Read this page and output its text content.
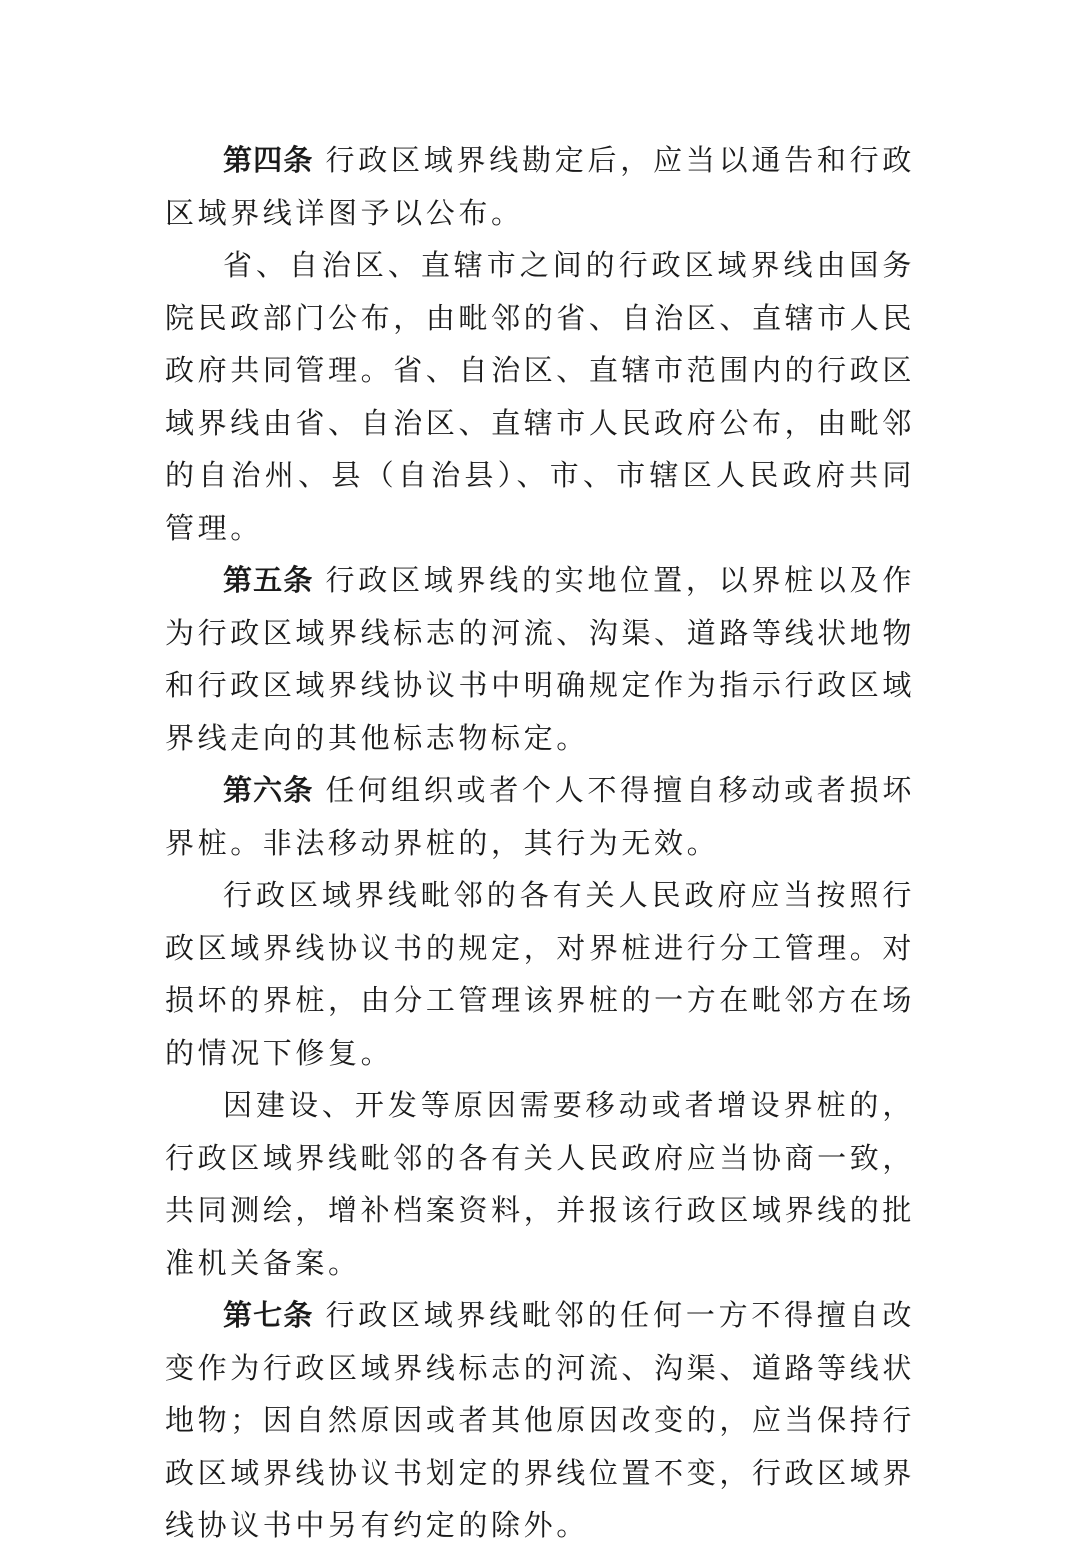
第四条 行政区域界线勘定后，应当以通告和行政区域界线详图予以公布。

省、自治区、直辖市之间的行政区域界线由国务院民政部门公布，由毗邻的省、自治区、直辖市人民政府共同管理。省、自治区、直辖市范围内的行政区域界线由省、自治区、直辖市人民政府公布，由毗邻的自治州、县（自治县）、市、市辖区人民政府共同管理。

第五条 行政区域界线的实地位置，以界桩以及作为行政区域界线标志的河流、沟渠、道路等线状地物和行政区域界线协议书中明确规定作为指示行政区域界线走向的其他标志物标定。

第六条 任何组织或者个人不得擅自移动或者损坏界桩。非法移动界桩的，其行为无效。

行政区域界线毗邻的各有关人民政府应当按照行政区域界线协议书的规定，对界桩进行分工管理。对损坏的界桩，由分工管理该界桩的一方在毗邻方在场的情况下修复。

因建设、开发等原因需要移动或者增设界桩的，行政区域界线毗邻的各有关人民政府应当协商一致，共同测绘，增补档案资料，并报该行政区域界线的批准机关备案。

第七条 行政区域界线毗邻的任何一方不得擅自改变作为行政区域界线标志的河流、沟渠、道路等线状地物；因自然原因或者其他原因改变的，应当保持行政区域界线协议书划定的界线位置不变，行政区域界线协议书中另有约定的除外。
